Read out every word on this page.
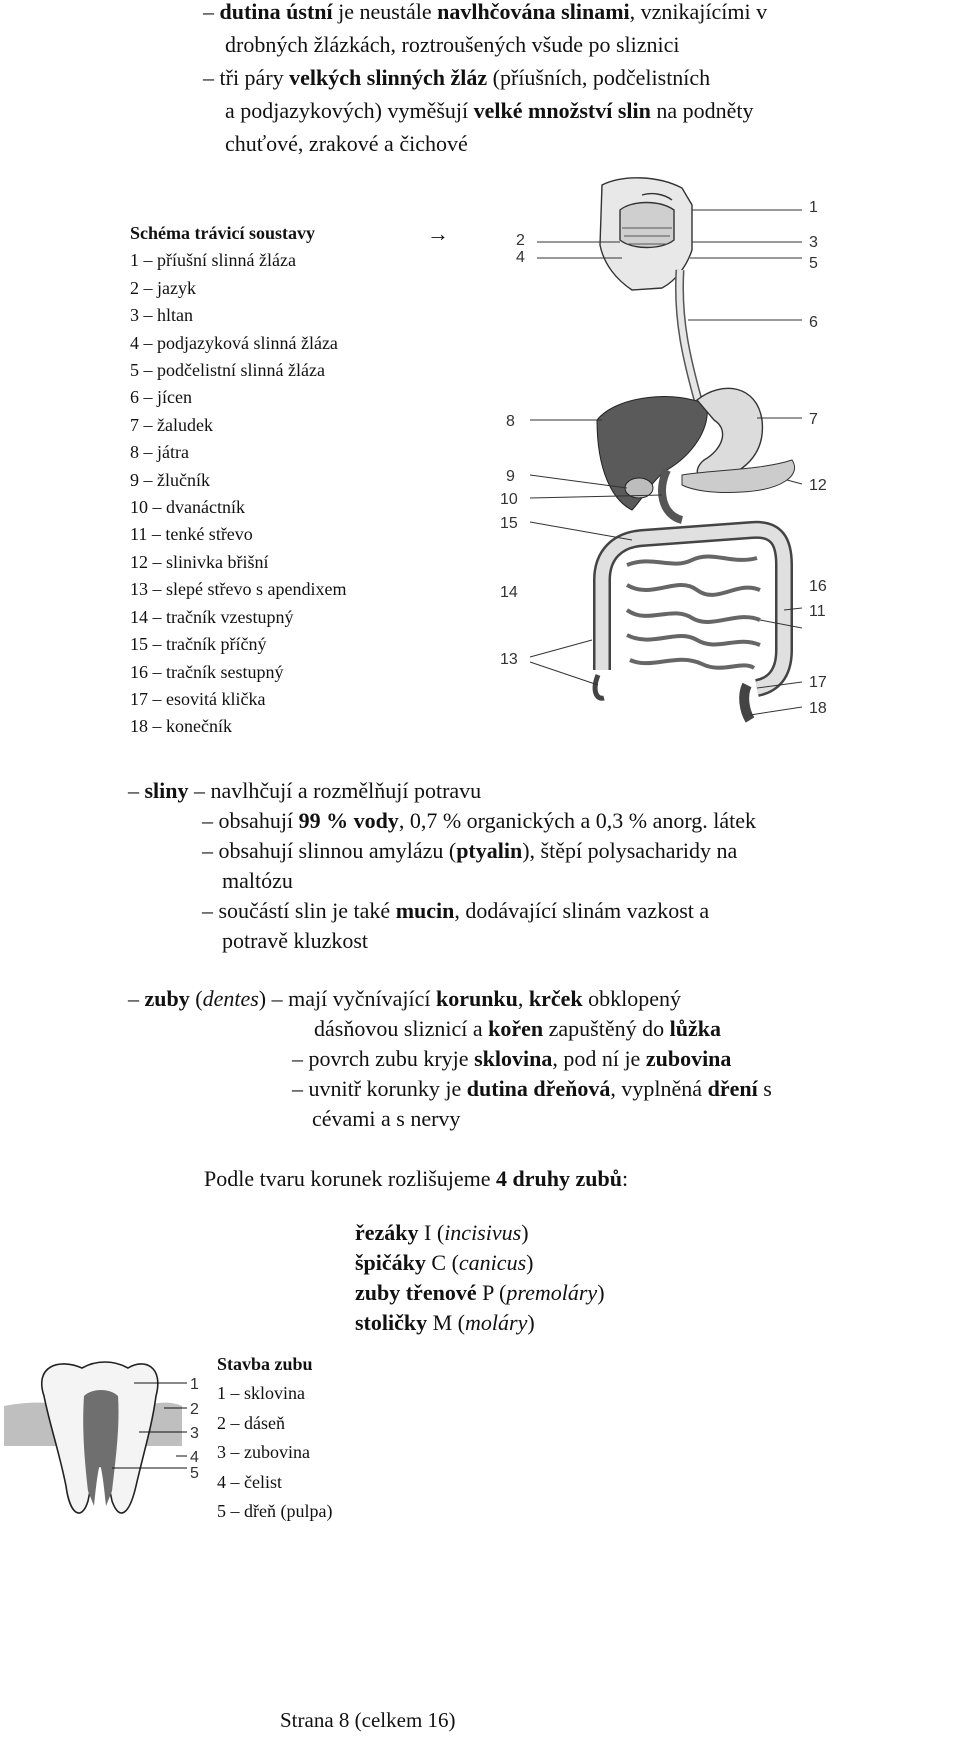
– dutina ústní je neustále navlhčována slinami, vznikajícími v
drobných žlázkách, roztroušených všude po sliznici
– tři páry velkých slinných žláz (příušních, podčelistních
a podjazykových) vyměšují velké množství slin na podněty
chuťové, zrakové a čichové
Schéma trávicí soustavy	→
1 – příušní slinná žláza
2 – jazyk
3 – hltan
4 – podjazyková slinná žláza
5 – podčelistní slinná žláza
6 – jícen
7 – žaludek
8 – játra
9 – žlučník
10 – dvanáctník
11 – tenké střevo
12 – slinivka břišní
13 – slepé střevo s apendixem
14 – tračník vzestupný
15 – tračník příčný
16 – tračník sestupný
17 – esovitá klička
18 – konečník
1
2	3
4	5
6
7
8
9
10
11
12
13
14
15
16
17
18
– sliny – navlhčují a rozmělňují potravu
– obsahují 99 % vody, 0,7 % organických a 0,3 % anorg. látek
– obsahují slinnou amylázu (ptyalin), štěpí polysacharidy na
maltózu
– součástí slin je také mucin, dodávající slinám vazkost a
potravě kluzkost
– zuby (dentes) – mají vyčnívající korunku, krček obklopený
dásňovou sliznicí a kořen zapuštěný do lůžka
– povrch zubu kryje sklovina, pod ní je zubovina
– uvnitř korunky je dutina dřeňová, vyplněná dření s
cévami a s nervy
Podle tvaru korunek rozlišujeme 4 druhy zubů:
řezáky I (incisivus)
špičáky C (canicus)
zuby třenové P (premoláry)
stoličky M (moláry)
1
2
3
4
5
Stavba zubu
1 – sklovina
2 – dáseň
3 – zubovina
4 – čelist
5 – dřeň (pulpa)
Strana 8 (celkem 16)
